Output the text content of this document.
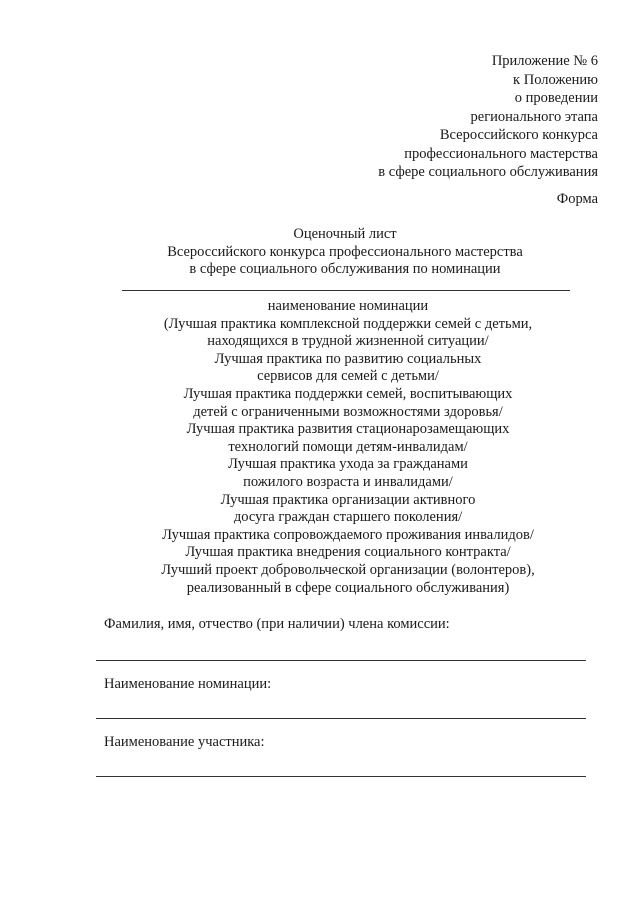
Приложение № 6
к Положению
о проведении
регионального этапа
Всероссийского конкурса
профессионального мастерства
в сфере социального обслуживания
Форма
Оценочный лист
Всероссийского конкурса профессионального мастерства
в сфере социального обслуживания по номинации
наименование номинации
(Лучшая практика комплексной поддержки семей с детьми,
находящихся в трудной жизненной ситуации/
Лучшая практика по развитию социальных
сервисов для семей с детьми/
Лучшая практика поддержки семей, воспитывающих
детей с ограниченными возможностями здоровья/
Лучшая практика развития стационарозамещающих
технологий помощи детям-инвалидам/
Лучшая практика ухода за гражданами
пожилого возраста и инвалидами/
Лучшая практика организации активного
досуга граждан старшего поколения/
Лучшая практика сопровождаемого проживания инвалидов/
Лучшая практика внедрения социального контракта/
Лучший проект добровольческой организации (волонтеров),
реализованный в сфере социального обслуживания)
Фамилия, имя, отчество (при наличии) члена комиссии:
Наименование номинации:
Наименование участника:
